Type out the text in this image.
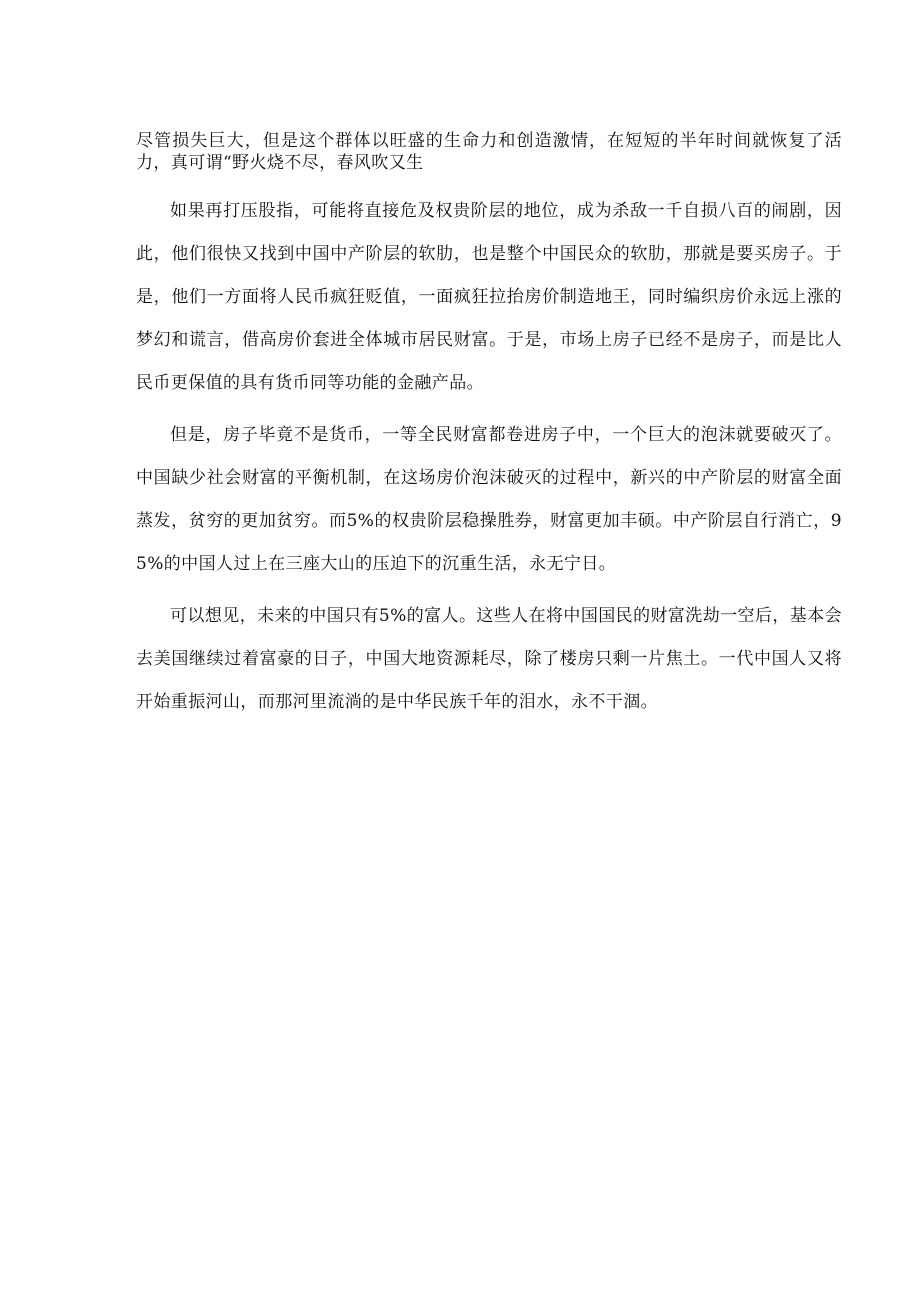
尽管损失巨大，但是这个群体以旺盛的生命力和创造激情，在短短的半年时间就恢复了活力，真可谓“野火烧不尽，春风吹又生

如果再打压股指，可能将直接危及权贵阶层的地位，成为杀敌一千自损八百的闹剧，因此，他们很快又找到中国中产阶层的软肋，也是整个中国民众的软肋，那就是要买房子。于是，他们一方面将人民币疯狂贬值，一面疯狂拉抬房价制造地王，同时编织房价永远上涨的梦幻和谎言，借高房价套进全体城市居民财富。于是，市场上房子已经不是房子，而是比人民币更保值的具有货币同等功能的金融产品。

但是，房子毕竟不是货币，一等全民财富都卷进房子中，一个巨大的泡沫就要破灭了。中国缺少社会财富的平衡机制，在这场房价泡沫破灭的过程中，新兴的中产阶层的财富全面蒸发，贫穷的更加贫穷。而5%的权贵阶层稳操胜券，财富更加丰硕。中产阶层自行消亡，95%的中国人过上在三座大山的压迫下的沉重生活，永无宁日。

可以想见，未来的中国只有5%的富人。这些人在将中国国民的财富洗劫一空后，基本会去美国继续过着富豪的日子，中国大地资源耗尽，除了楼房只剩一片焦土。一代中国人又将开始重振河山，而那河里流淌的是中华民族千年的泪水，永不干涸。
